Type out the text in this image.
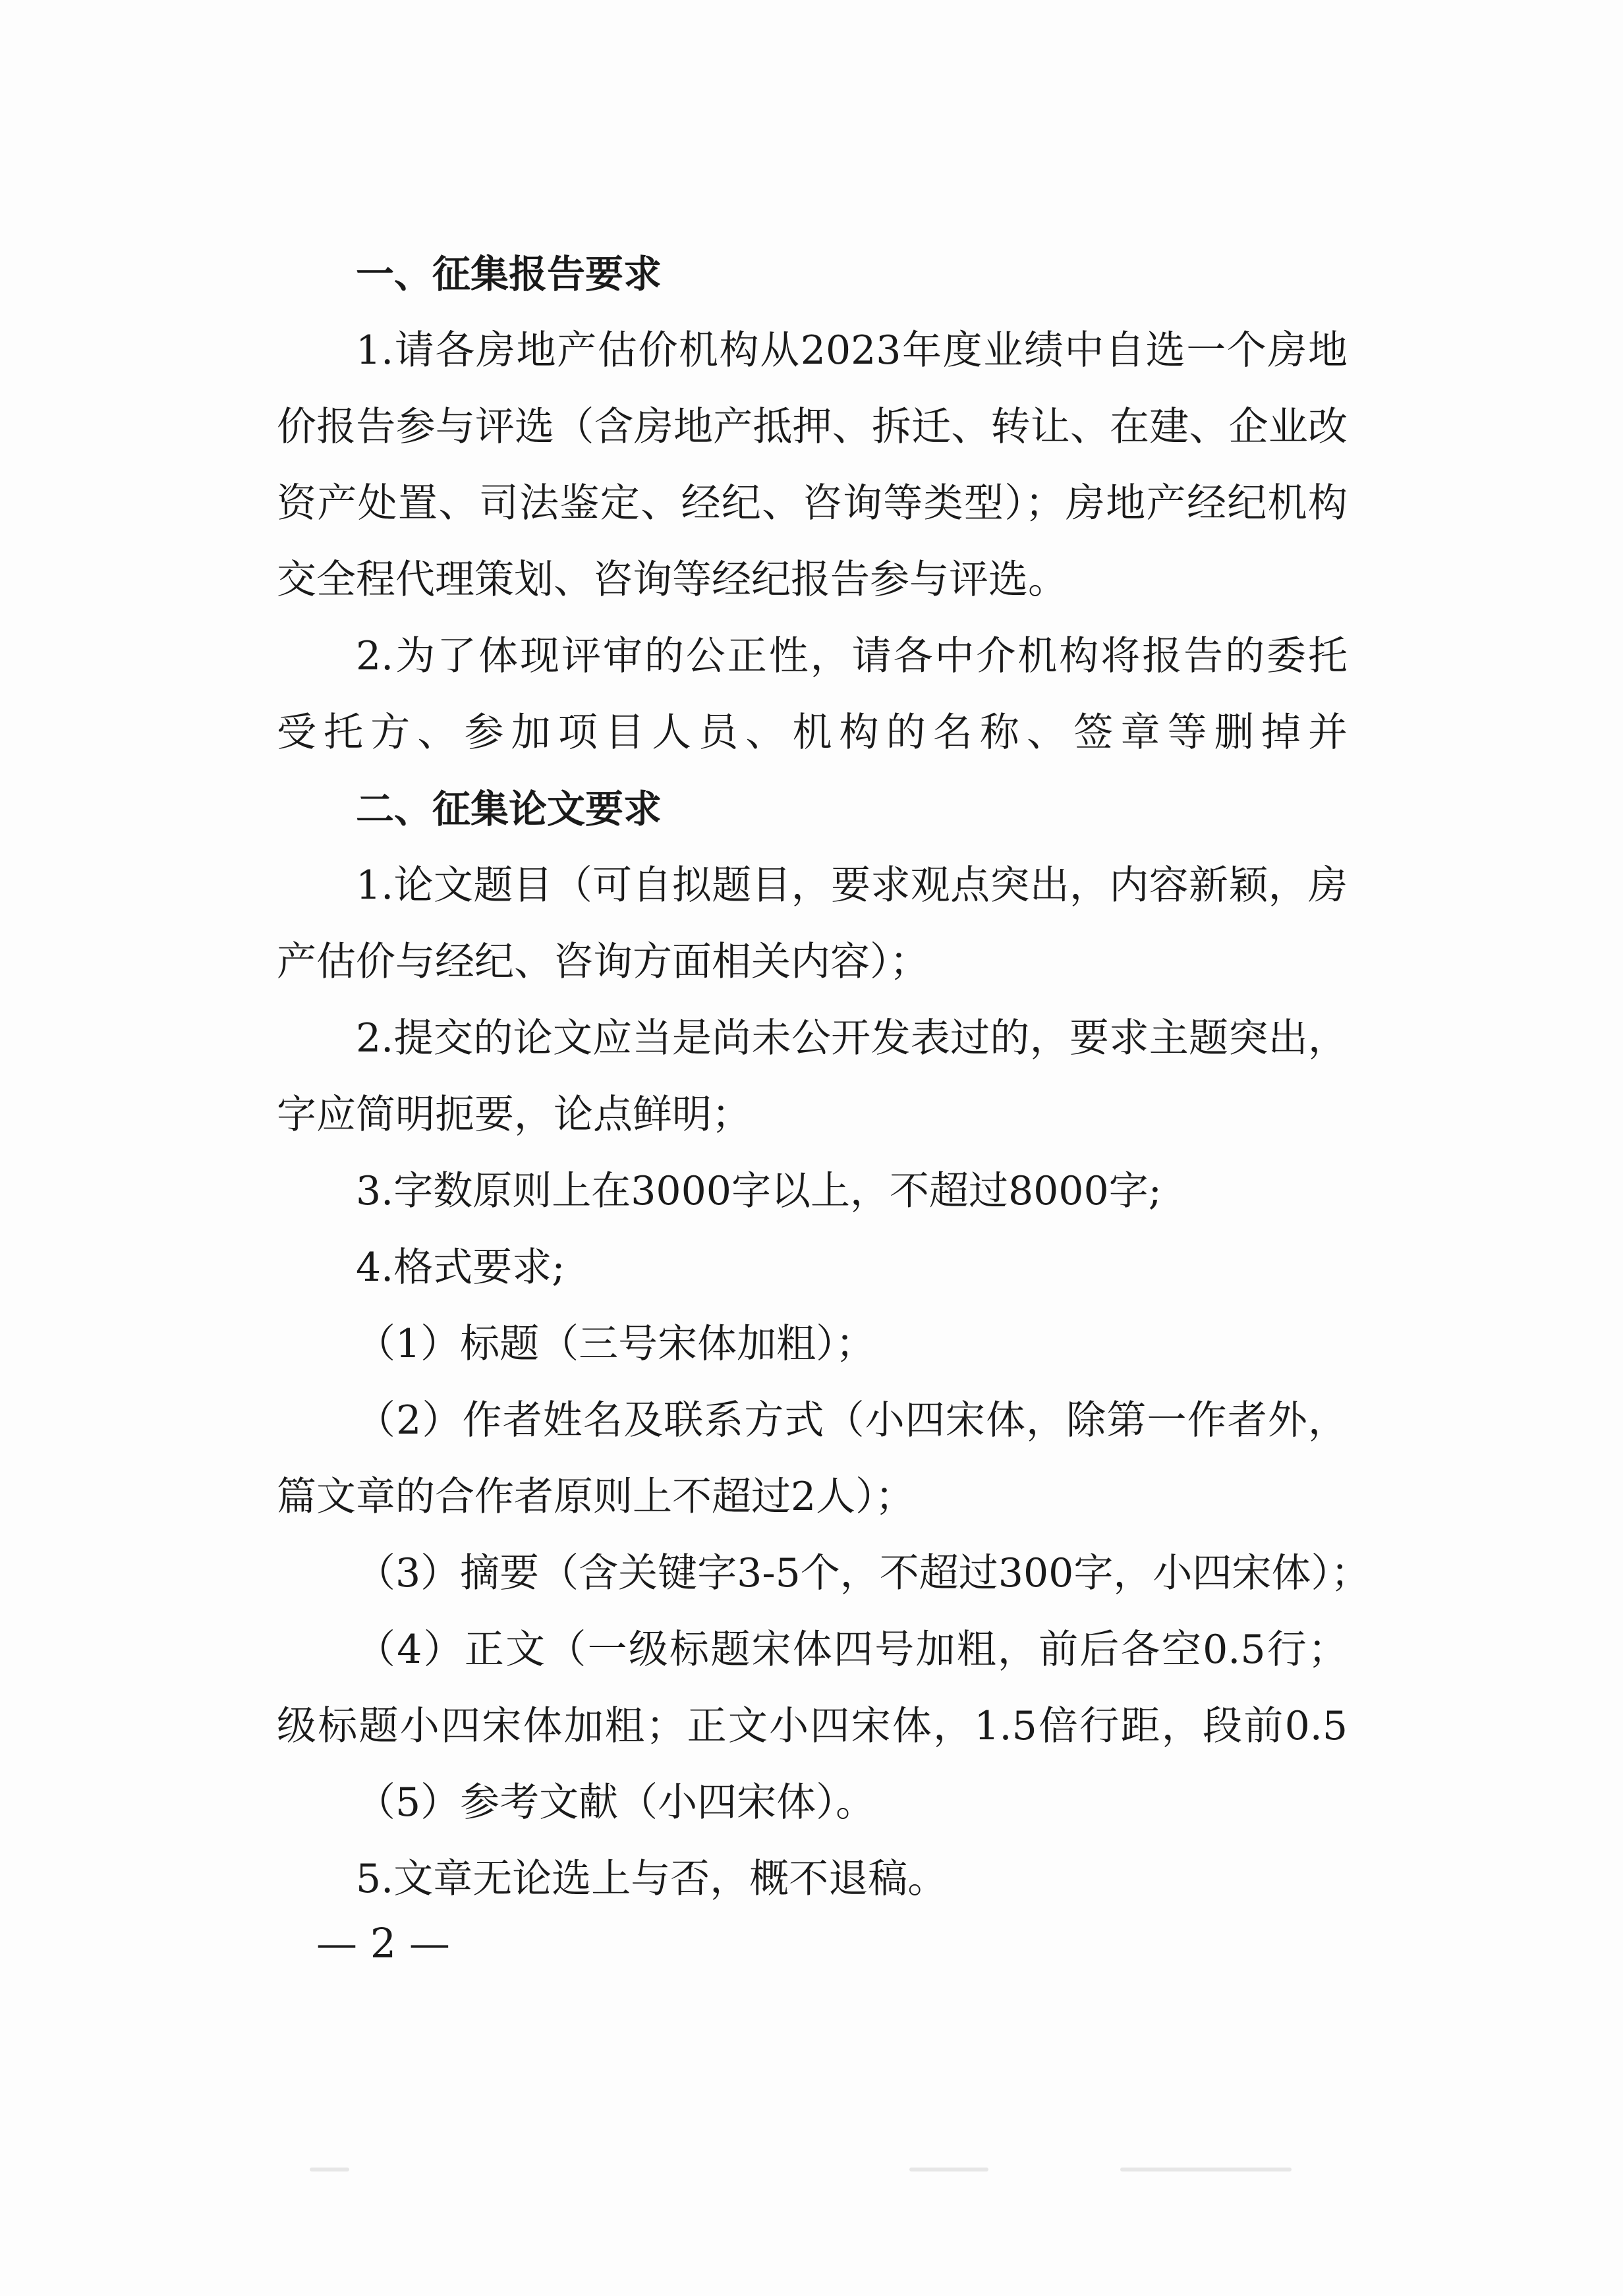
一、征集报告要求
1.请各房地产估价机构从2023年度业绩中自选一个房地
价报告参与评选（含房地产抵押、拆迁、转让、在建、企业改
资产处置、司法鉴定、经纪、咨询等类型）；房地产经纪机构
交全程代理策划、咨询等经纪报告参与评选。
2.为了体现评审的公正性，请各中介机构将报告的委托
受托方、参加项目人员、机构的名称、签章等删掉并
二、征集论文要求
1.论文题目（可自拟题目，要求观点突出，内容新颖，房
产估价与经纪、咨询方面相关内容）；
2.提交的论文应当是尚未公开发表过的，要求主题突出，
字应简明扼要，论点鲜明；
3.字数原则上在3000字以上，不超过8000字;
4.格式要求;
（1）标题（三号宋体加粗）；
（2）作者姓名及联系方式（小四宋体，除第一作者外，
篇文章的合作者原则上不超过2人）；
（3）摘要（含关键字3-5个，不超过300字，小四宋体）；
（4）正文（一级标题宋体四号加粗，前后各空0.5行；
级标题小四宋体加粗；正文小四宋体，1.5倍行距，段前0.5
（5）参考文献（小四宋体）。
5.文章无论选上与否，概不退稿。
— 2 —
